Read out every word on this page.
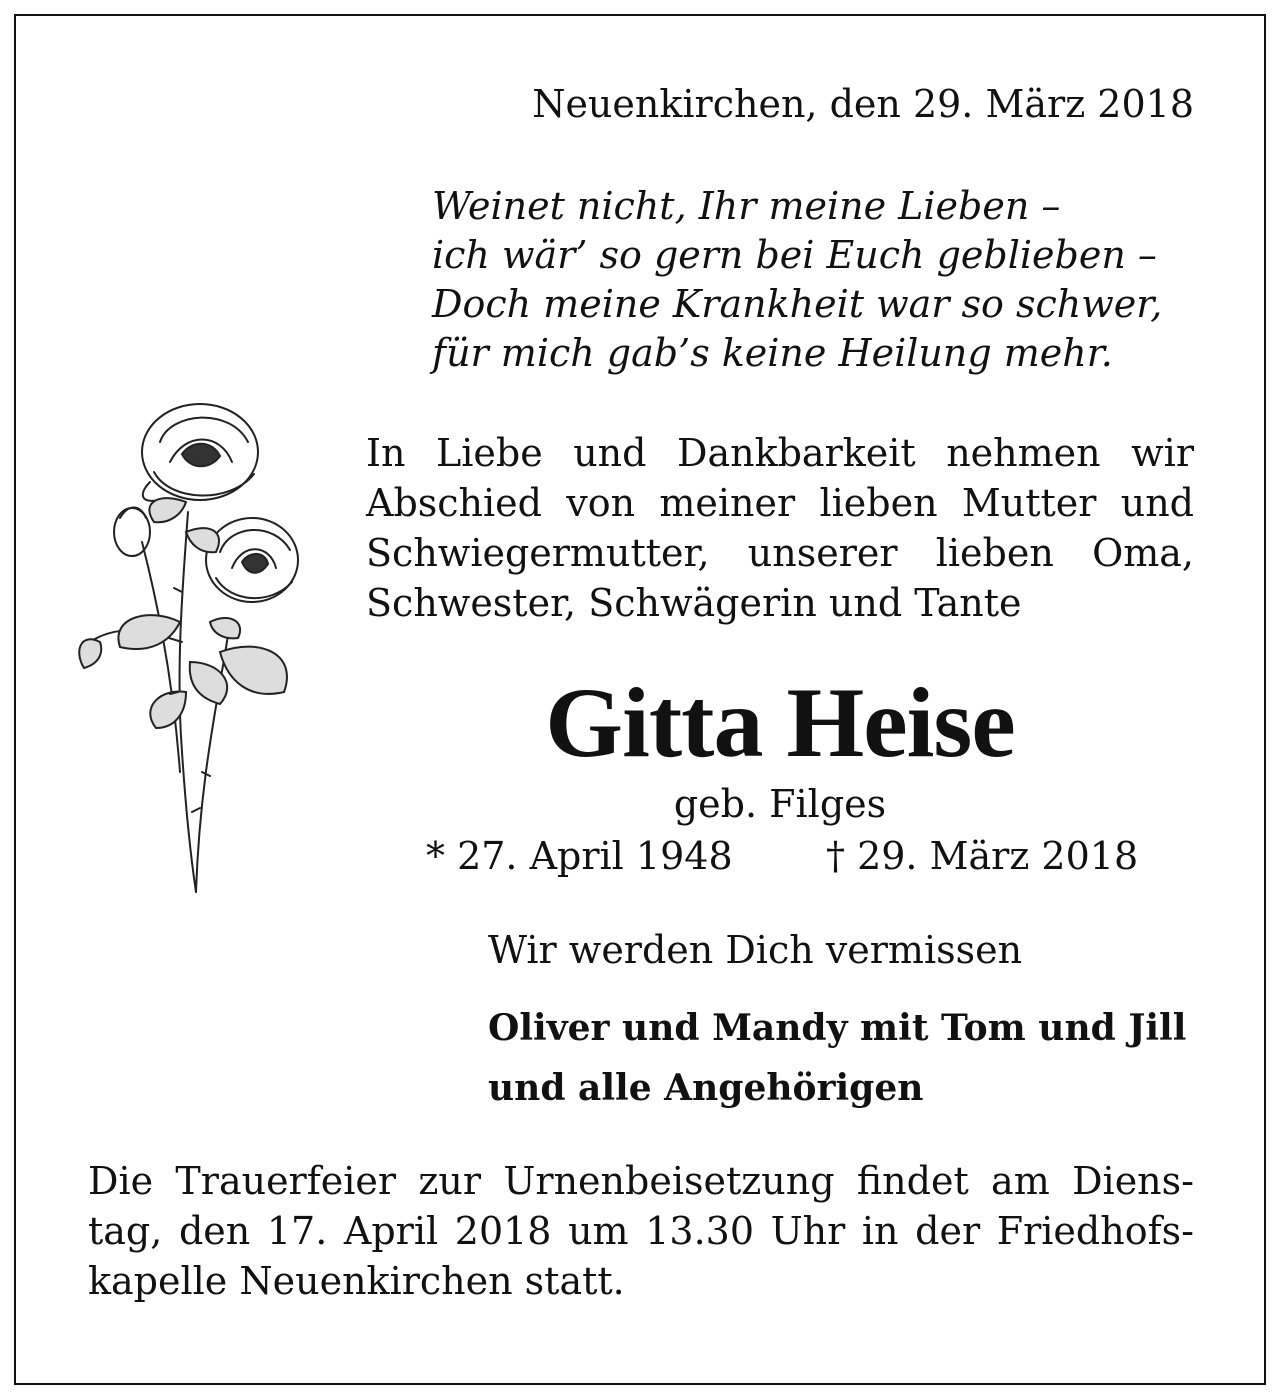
Neuenkirchen, den 29. März 2018
Weinet nicht, Ihr meine Lieben –
ich wär’ so gern bei Euch geblieben –
Doch meine Krankheit war so schwer,
für mich gab’s keine Heilung mehr.
In Liebe und Dankbarkeit nehmen wir
Abschied von meiner lieben Mutter und
Schwiegermutter, unserer lieben Oma,
Schwester, Schwägerin und Tante
Gitta Heise
geb. Filges
* 27. April 1948 † 29. März 2018
Wir werden Dich vermissen
Oliver und Mandy mit Tom und Jill
und alle Angehörigen
Die Trauerfeier zur Urnenbeisetzung findet am Diens-
tag, den 17. April 2018 um 13.30 Uhr in der Friedhofs-
kapelle Neuenkirchen statt.
